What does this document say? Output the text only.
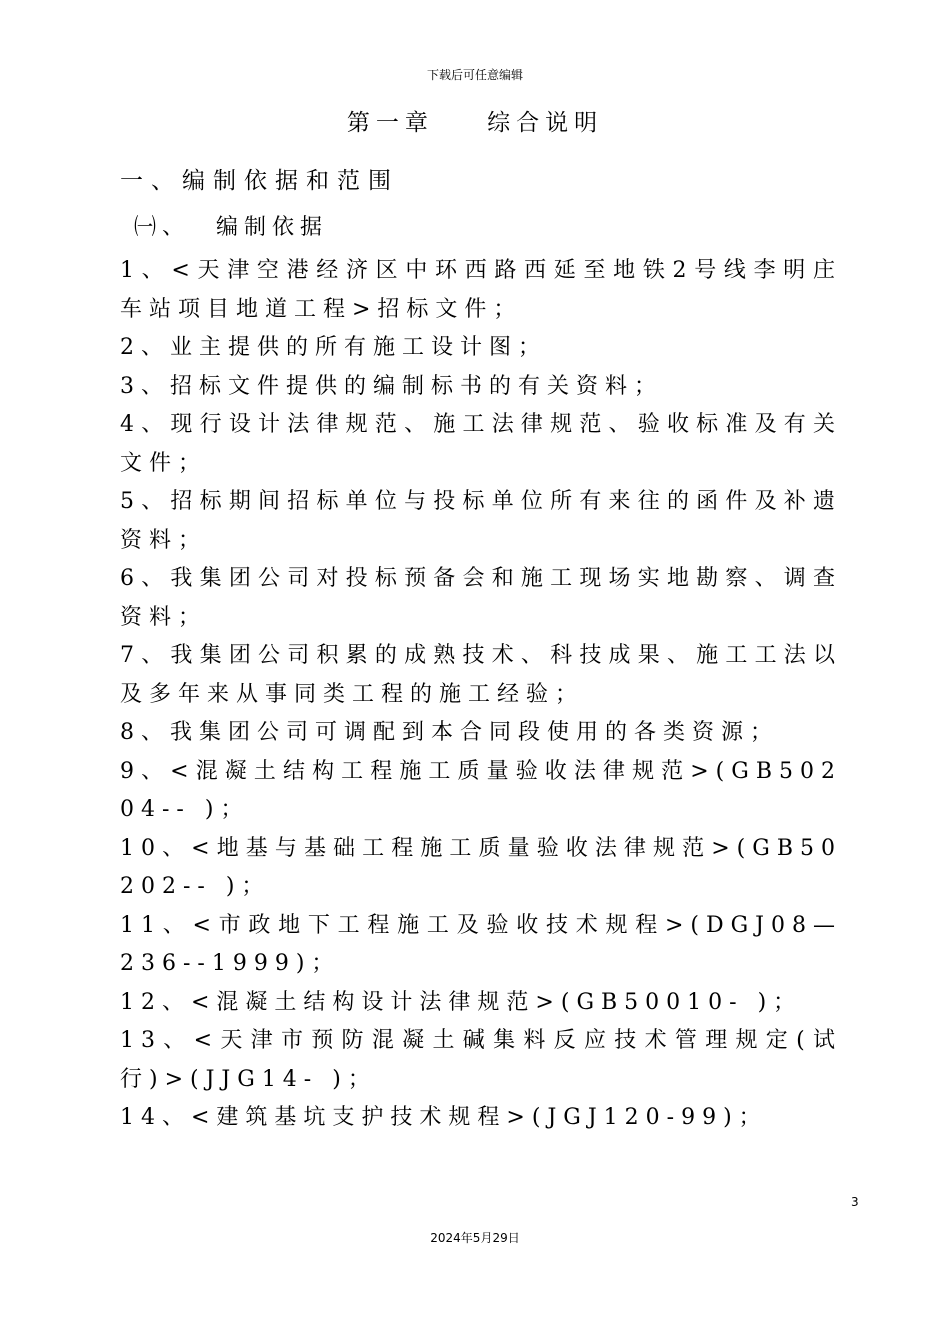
下载后可任意编辑
第一章    综合说明
一、编制依据和范围
㈠、  编制依据

1、<天津空港经济区中环西路西延至地铁2号线李明庄车站项目地道工程>招标文件；

2、业主提供的所有施工设计图；

3、招标文件提供的编制标书的有关资料；

4、现行设计法律规范、施工法律规范、验收标准及有关文件；

5、招标期间招标单位与投标单位所有来往的函件及补遗资料；

6、我集团公司对投标预备会和施工现场实地勘察、调查资料；

7、我集团公司积累的成熟技术、科技成果、施工工法以及多年来从事同类工程的施工经验；

8、我集团公司可调配到本合同段使用的各类资源；

9、<混凝土结构工程施工质量验收法律规范>(GB50204-- )；

10、<地基与基础工程施工质量验收法律规范>(GB50202-- )；

11、<市政地下工程施工及验收技术规程>(DGJ08—236--1999)；

12、<混凝土结构设计法律规范>(GB50010- )；

13、<天津市预防混凝土碱集料反应技术管理规定(试行)>(JJG14- )；

14、<建筑基坑支护技术规程>(JGJ120-99)；

3
2024年5月29日
